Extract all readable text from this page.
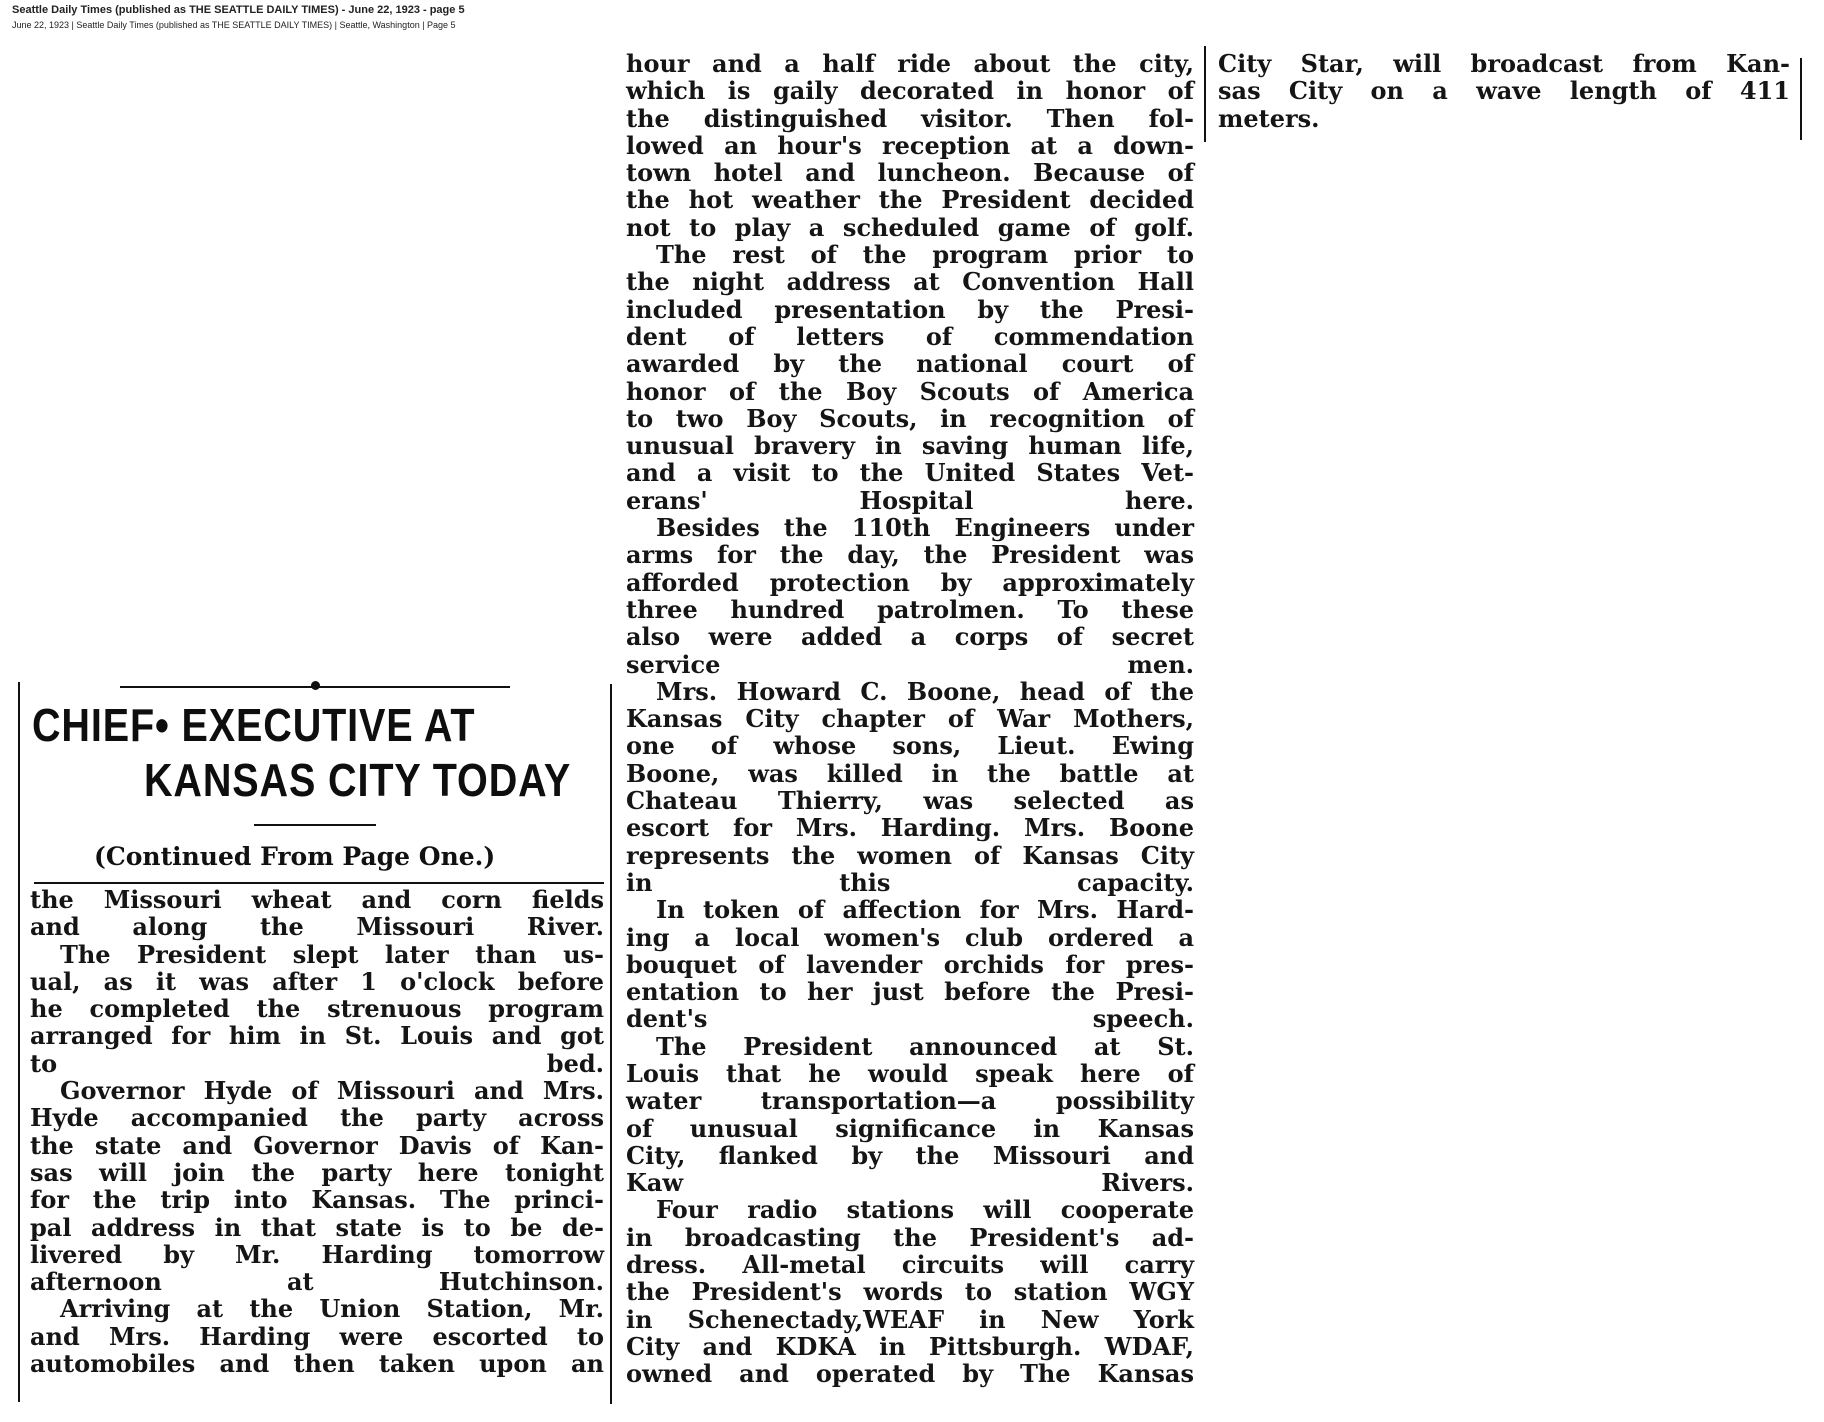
Seattle Daily Times (published as THE SEATTLE DAILY TIMES) - June 22, 1923 - page 5
June 22, 1923 | Seattle Daily Times (published as THE SEATTLE DAILY TIMES) | Seattle, Washington | Page 5
CHIEF• EXECUTIVE AT
KANSAS CITY TODAY
(Continued From Page One.)

the Missouri wheat and corn fields
and along the Missouri River.

The President slept later than us-
ual, as it was after 1 o'clock before
he completed the strenuous program
arranged for him in St. Louis and got
to bed.

Governor Hyde of Missouri and Mrs.
Hyde accompanied the party across
the state and Governor Davis of Kan-
sas will join the party here tonight
for the trip into Kansas. The princi-
pal address in that state is to be de-
livered by Mr. Harding tomorrow
afternoon at Hutchinson.

Arriving at the Union Station, Mr.
and Mrs. Harding were escorted to
automobiles and then taken upon an

hour and a half ride about the city,
which is gaily decorated in honor of
the distinguished visitor. Then fol-
lowed an hour's reception at a down-
town hotel and luncheon. Because of
the hot weather the President decided
not to play a scheduled game of golf.

The rest of the program prior to
the night address at Convention Hall
included presentation by the Presi-
dent of letters of commendation
awarded by the national court of
honor of the Boy Scouts of America
to two Boy Scouts, in recognition of
unusual bravery in saving human life,
and a visit to the United States Vet-
erans' Hospital here.

Besides the 110th Engineers under
arms for the day, the President was
afforded protection by approximately
three hundred patrolmen. To these
also were added a corps of secret
service men.

Mrs. Howard C. Boone, head of the
Kansas City chapter of War Mothers,
one of whose sons, Lieut. Ewing
Boone, was killed in the battle at
Chateau Thierry, was selected as
escort for Mrs. Harding. Mrs. Boone
represents the women of Kansas City
in this capacity.

In token of affection for Mrs. Hard-
ing a local women's club ordered a
bouquet of lavender orchids for pres-
entation to her just before the Presi-
dent's speech.

The President announced at St.
Louis that he would speak here of
water transportation—a possibility
of unusual significance in Kansas
City, flanked by the Missouri and
Kaw Rivers.

Four radio stations will cooperate
in broadcasting the President's ad-
dress. All-metal circuits will carry
the President's words to station WGY
in Schenectady,WEAF in New York
City and KDKA in Pittsburgh. WDAF,
owned and operated by The Kansas

City Star, will broadcast from Kan-
sas City on a wave length of 411
meters.
